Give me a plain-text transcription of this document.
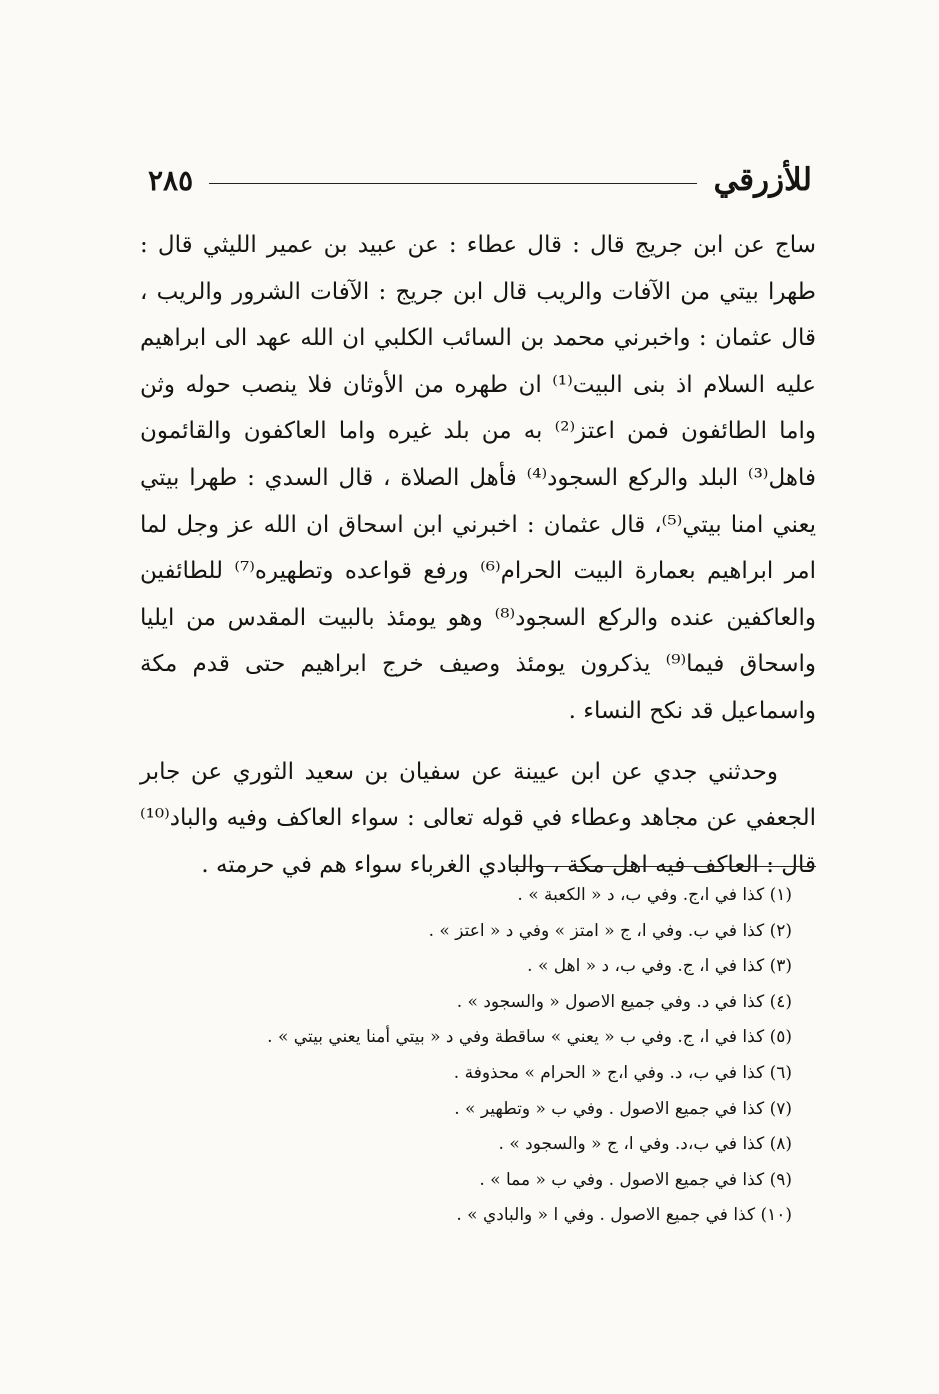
للأزرقي
٢٨٥

ساج عن ابن جريج قال : قال عطاء : عن عبيد بن عمير الليثي قال : طهرا بيتي من الآفات والريب قال ابن جريج : الآفات الشرور والريب ، قال عثمان : واخبرني محمد بن السائب الكلبي ان الله عهد الى ابراهيم عليه السلام اذ بنى البيت⁽¹⁾ ان طهره من الأوثان فلا ينصب حوله وثن واما الطائفون فمن اعتز⁽²⁾ به من بلد غيره واما العاكفون والقائمون فاهل⁽³⁾ البلد والركع السجود⁽⁴⁾ فأهل الصلاة ، قال السدي : طهرا بيتي يعني امنا بيتي⁽⁵⁾، قال عثمان : اخبرني ابن اسحاق ان الله عز وجل لما امر ابراهيم بعمارة البيت الحرام⁽⁶⁾ ورفع قواعده وتطهيره⁽⁷⁾ للطائفين والعاكفين عنده والركع السجود⁽⁸⁾ وهو يومئذ بالبيت المقدس من ايليا واسحاق فيما⁽⁹⁾ يذكرون يومئذ وصيف خرج ابراهيم حتى قدم مكة واسماعيل قد نكح النساء .

وحدثني جدي عن ابن عيينة عن سفيان بن سعيد الثوري عن جابر الجعفي عن مجاهد وعطاء في قوله تعالى : سواء العاكف وفيه والباد⁽¹⁰⁾ قال : العاكف فيه اهل مكة ، والبادي الغرباء سواء هم في حرمته .

(١) كذا في ا،ج. وفي ب، د « الكعبة » .
(٢) كذا في ب. وفي ا، ج « امتز » وفي د « اعتز » .
(٣) كذا في ا، ج. وفي ب، د « اهل » .
(٤) كذا في د. وفي جميع الاصول « والسجود » .
(٥) كذا في ا، ج. وفي ب « يعني » ساقطة وفي د « بيتي أمنا يعني بيتي » .
(٦) كذا في ب، د. وفي ا،ج « الحرام » محذوفة .
(٧) كذا في جميع الاصول . وفي ب « وتطهير » .
(٨) كذا في ب،د. وفي ا، ج « والسجود » .
(٩) كذا في جميع الاصول . وفي ب « مما » .
(١٠) كذا في جميع الاصول . وفي ا « والبادي » .
